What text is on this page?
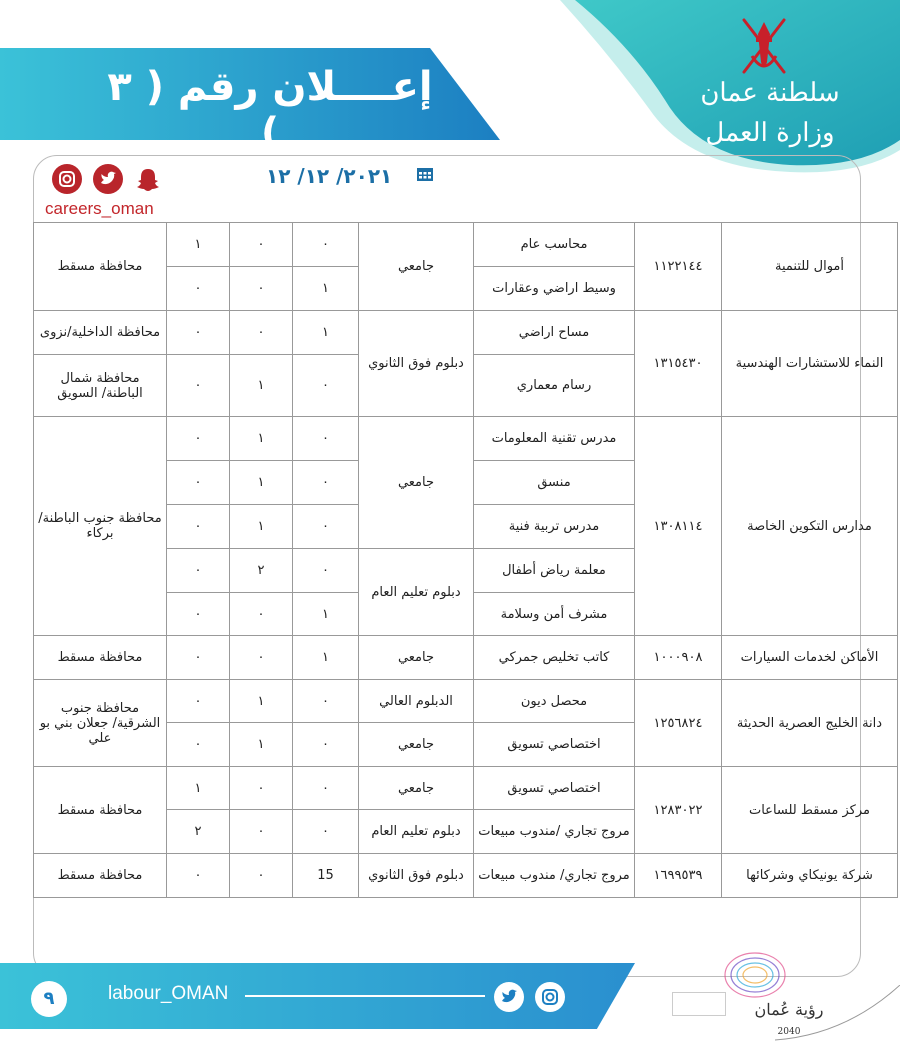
سلطنة عمان
وزارة العمل
إعــــلان رقم ( ٣ )
careers_oman
٢٠٢١/ ١٢/ ١٢
محافظة مسقط	١	٠	٠	جامعي	محاسب عام	١١٢٢١٤٤	أموال للتنمية
	٠	٠	١		وسيط اراضي وعقارات		
محافظة الداخلية/نزوى	٠	٠	١	دبلوم فوق الثانوي	مساح اراضي	١٣١٥٤٣٠	النماء للاستشارات الهندسية
محافظة شمال الباطنة/ السويق	٠	١	٠		رسام معماري		
محافظة جنوب الباطنة/ بركاء	٠	١	٠	جامعي	مدرس تقنية المعلومات	١٣٠٨١١٤	مدارس التكوين الخاصة
	٠	١	٠		منسق		
	٠	١	٠		مدرس تربية فنية		
	٠	٢	٠	دبلوم تعليم العام	معلمة رياض أطفال		
	٠	٠	١		مشرف أمن وسلامة		
محافظة مسقط	٠	٠	١	جامعي	كاتب تخليص جمركي	١٠٠٠٩٠٨	الأماكن لخدمات السيارات
محافظة جنوب الشرقية/ جعلان بني بو علي	٠	١	٠	الدبلوم العالي	محصل ديون	١٢٥٦٨٢٤	دانة الخليج العصرية الحديثة
	٠	١	٠	جامعي	اختصاصي تسويق		
محافظة مسقط	١	٠	٠	جامعي	اختصاصي تسويق	١٢٨٣٠٢٢	مركز مسقط للساعات
	٢	٠	٠	دبلوم تعليم العام	مروج تجاري /مندوب مبيعات		
محافظة مسقط	٠	٠	15	دبلوم فوق الثانوي	مروج تجاري/ مندوب مبيعات	١٦٩٩٥٣٩	شركة يونيكاي وشركائها
٩	labour_OMAN
رؤية عُمان 2040
